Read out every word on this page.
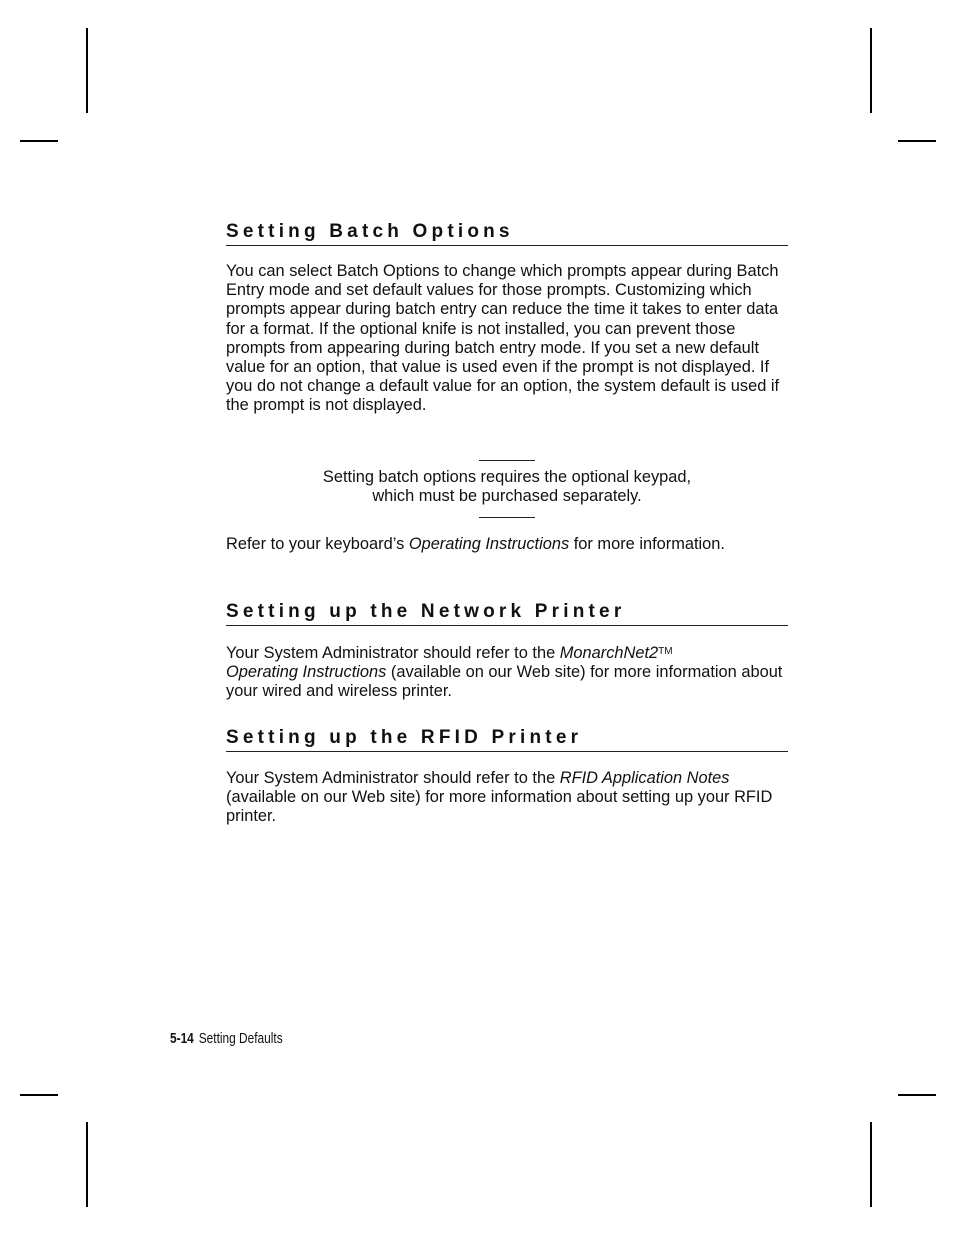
Setting Batch Options

You can select Batch Options to change which prompts appear during Batch Entry mode and set default values for those prompts. Customizing which prompts appear during batch entry can reduce the time it takes to enter data for a format. If the optional knife is not installed, you can prevent those prompts from appearing during batch entry mode. If you set a new default value for an option, that value is used even if the prompt is not displayed. If you do not change a default value for an option, the system default is used if the prompt is not displayed.

Setting batch options requires the optional keypad, which must be purchased separately.

Refer to your keyboard’s Operating Instructions for more information.

Setting up the Network Printer

Your System Administrator should refer to the MonarchNet2™
Operating Instructions (available on our Web site) for more information about your wired and wireless printer.

Setting up the RFID Printer

Your System Administrator should refer to the RFID Application Notes (available on our Web site) for more information about setting up your RFID printer.

5-14 Setting Defaults
